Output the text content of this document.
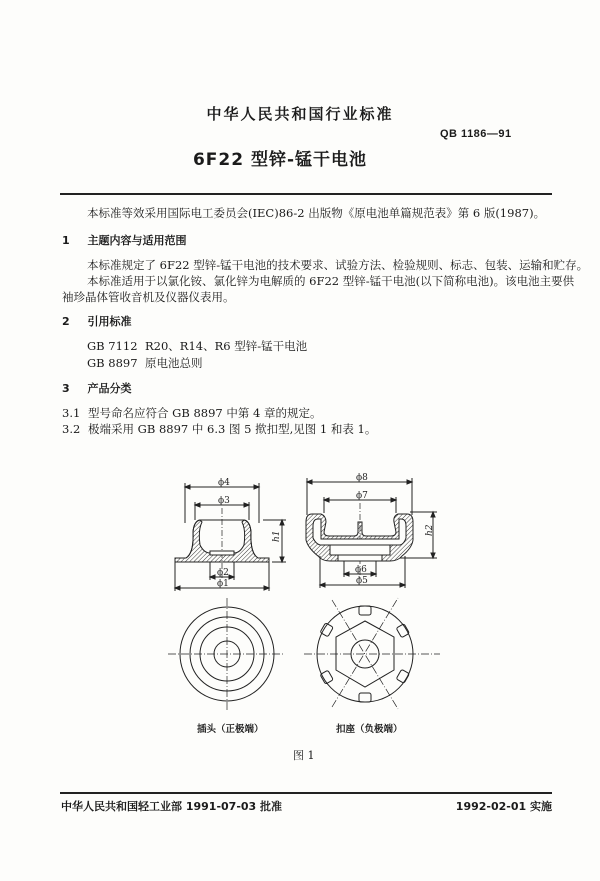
中华人民共和国行业标准
QB 1186—91
6F22 型锌-锰干电池
本标准等效采用国际电工委员会(IEC)86-2 出版物《原电池单篇规范表》第 6 版(1987)。
1 主题内容与适用范围
本标准规定了 6F22 型锌-锰干电池的技术要求、试验方法、检验规则、标志、包装、运输和贮存。
本标准适用于以氯化铵、氯化锌为电解质的 6F22 型锌-锰干电池(以下简称电池)。该电池主要供
袖珍晶体管收音机及仪器仪表用。
2 引用标准
GB 7112 R20、R14、R6 型锌-锰干电池
GB 8897 原电池总则
3 产品分类
3.1 型号命名应符合 GB 8897 中第 4 章的规定。
3.2 极端采用 GB 8897 中 6.3 图 5 揿扣型,见图 1 和表 1。
ϕ4
ϕ3
ϕ2
ϕ1
h1
ϕ8
ϕ7
ϕ6
ϕ5
h2
插头（正极端）	扣座（负极端）
图 1
中华人民共和国轻工业部 1991-07-03 批准	1992-02-01 实施
